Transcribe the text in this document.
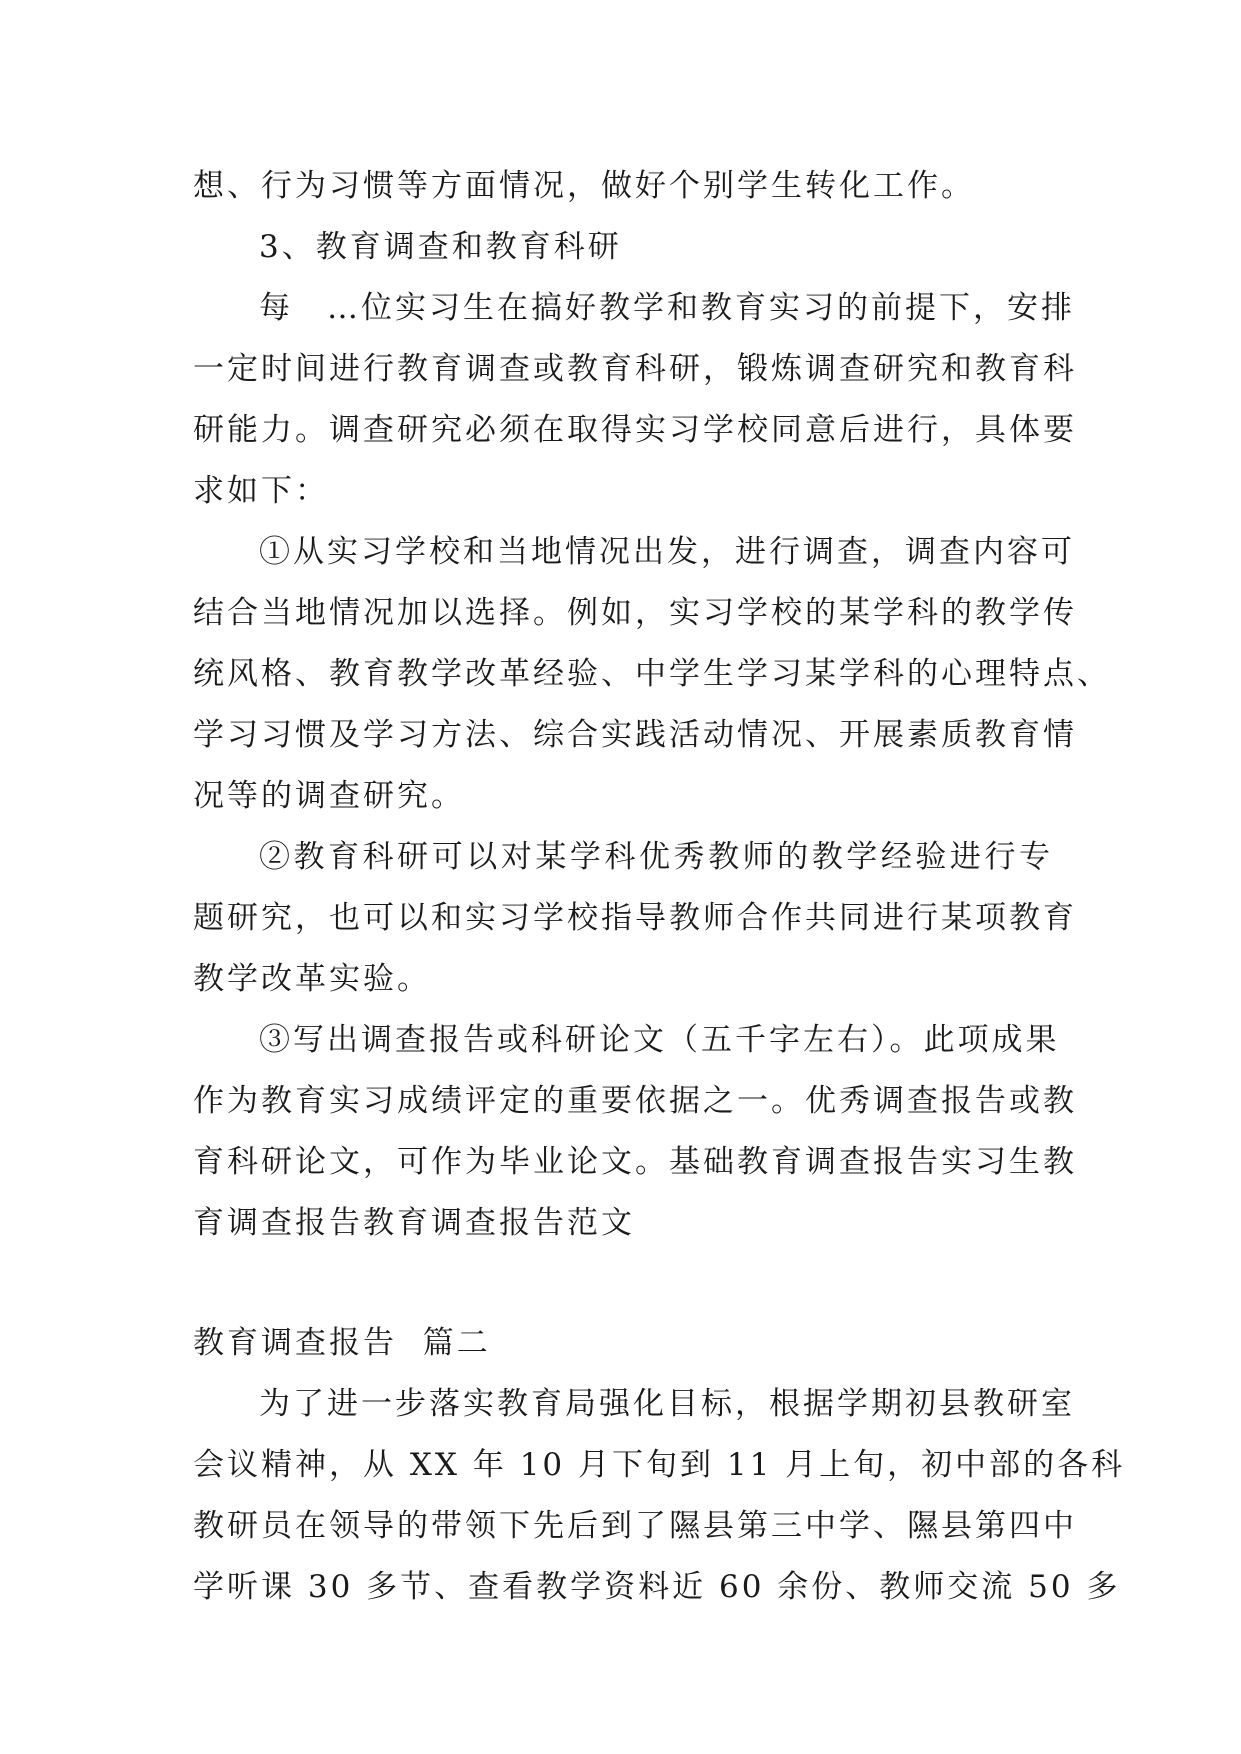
想、行为习惯等方面情况，做好个别学生转化工作。
3、教育调查和教育科研
每　…位实习生在搞好教学和教育实习的前提下，安排
一定时间进行教育调查或教育科研，锻炼调查研究和教育科
研能力。调查研究必须在取得实习学校同意后进行，具体要
求如下：
①从实习学校和当地情况出发，进行调查，调查内容可
结合当地情况加以选择。例如，实习学校的某学科的教学传
统风格、教育教学改革经验、中学生学习某学科的心理特点、
学习习惯及学习方法、综合实践活动情况、开展素质教育情
况等的调查研究。
②教育科研可以对某学科优秀教师的教学经验进行专
题研究，也可以和实习学校指导教师合作共同进行某项教育
教学改革实验。
③写出调查报告或科研论文（五千字左右）。此项成果
作为教育实习成绩评定的重要依据之一。优秀调查报告或教
育科研论文，可作为毕业论文。基础教育调查报告实习生教
育调查报告教育调查报告范文
教育调查报告  篇二
为了进一步落实教育局强化目标，根据学期初县教研室
会议精神，从 XX 年 10 月下旬到 11 月上旬，初中部的各科
教研员在领导的带领下先后到了隰县第三中学、隰县第四中
学听课 30 多节、查看教学资料近 60 余份、教师交流 50 多
